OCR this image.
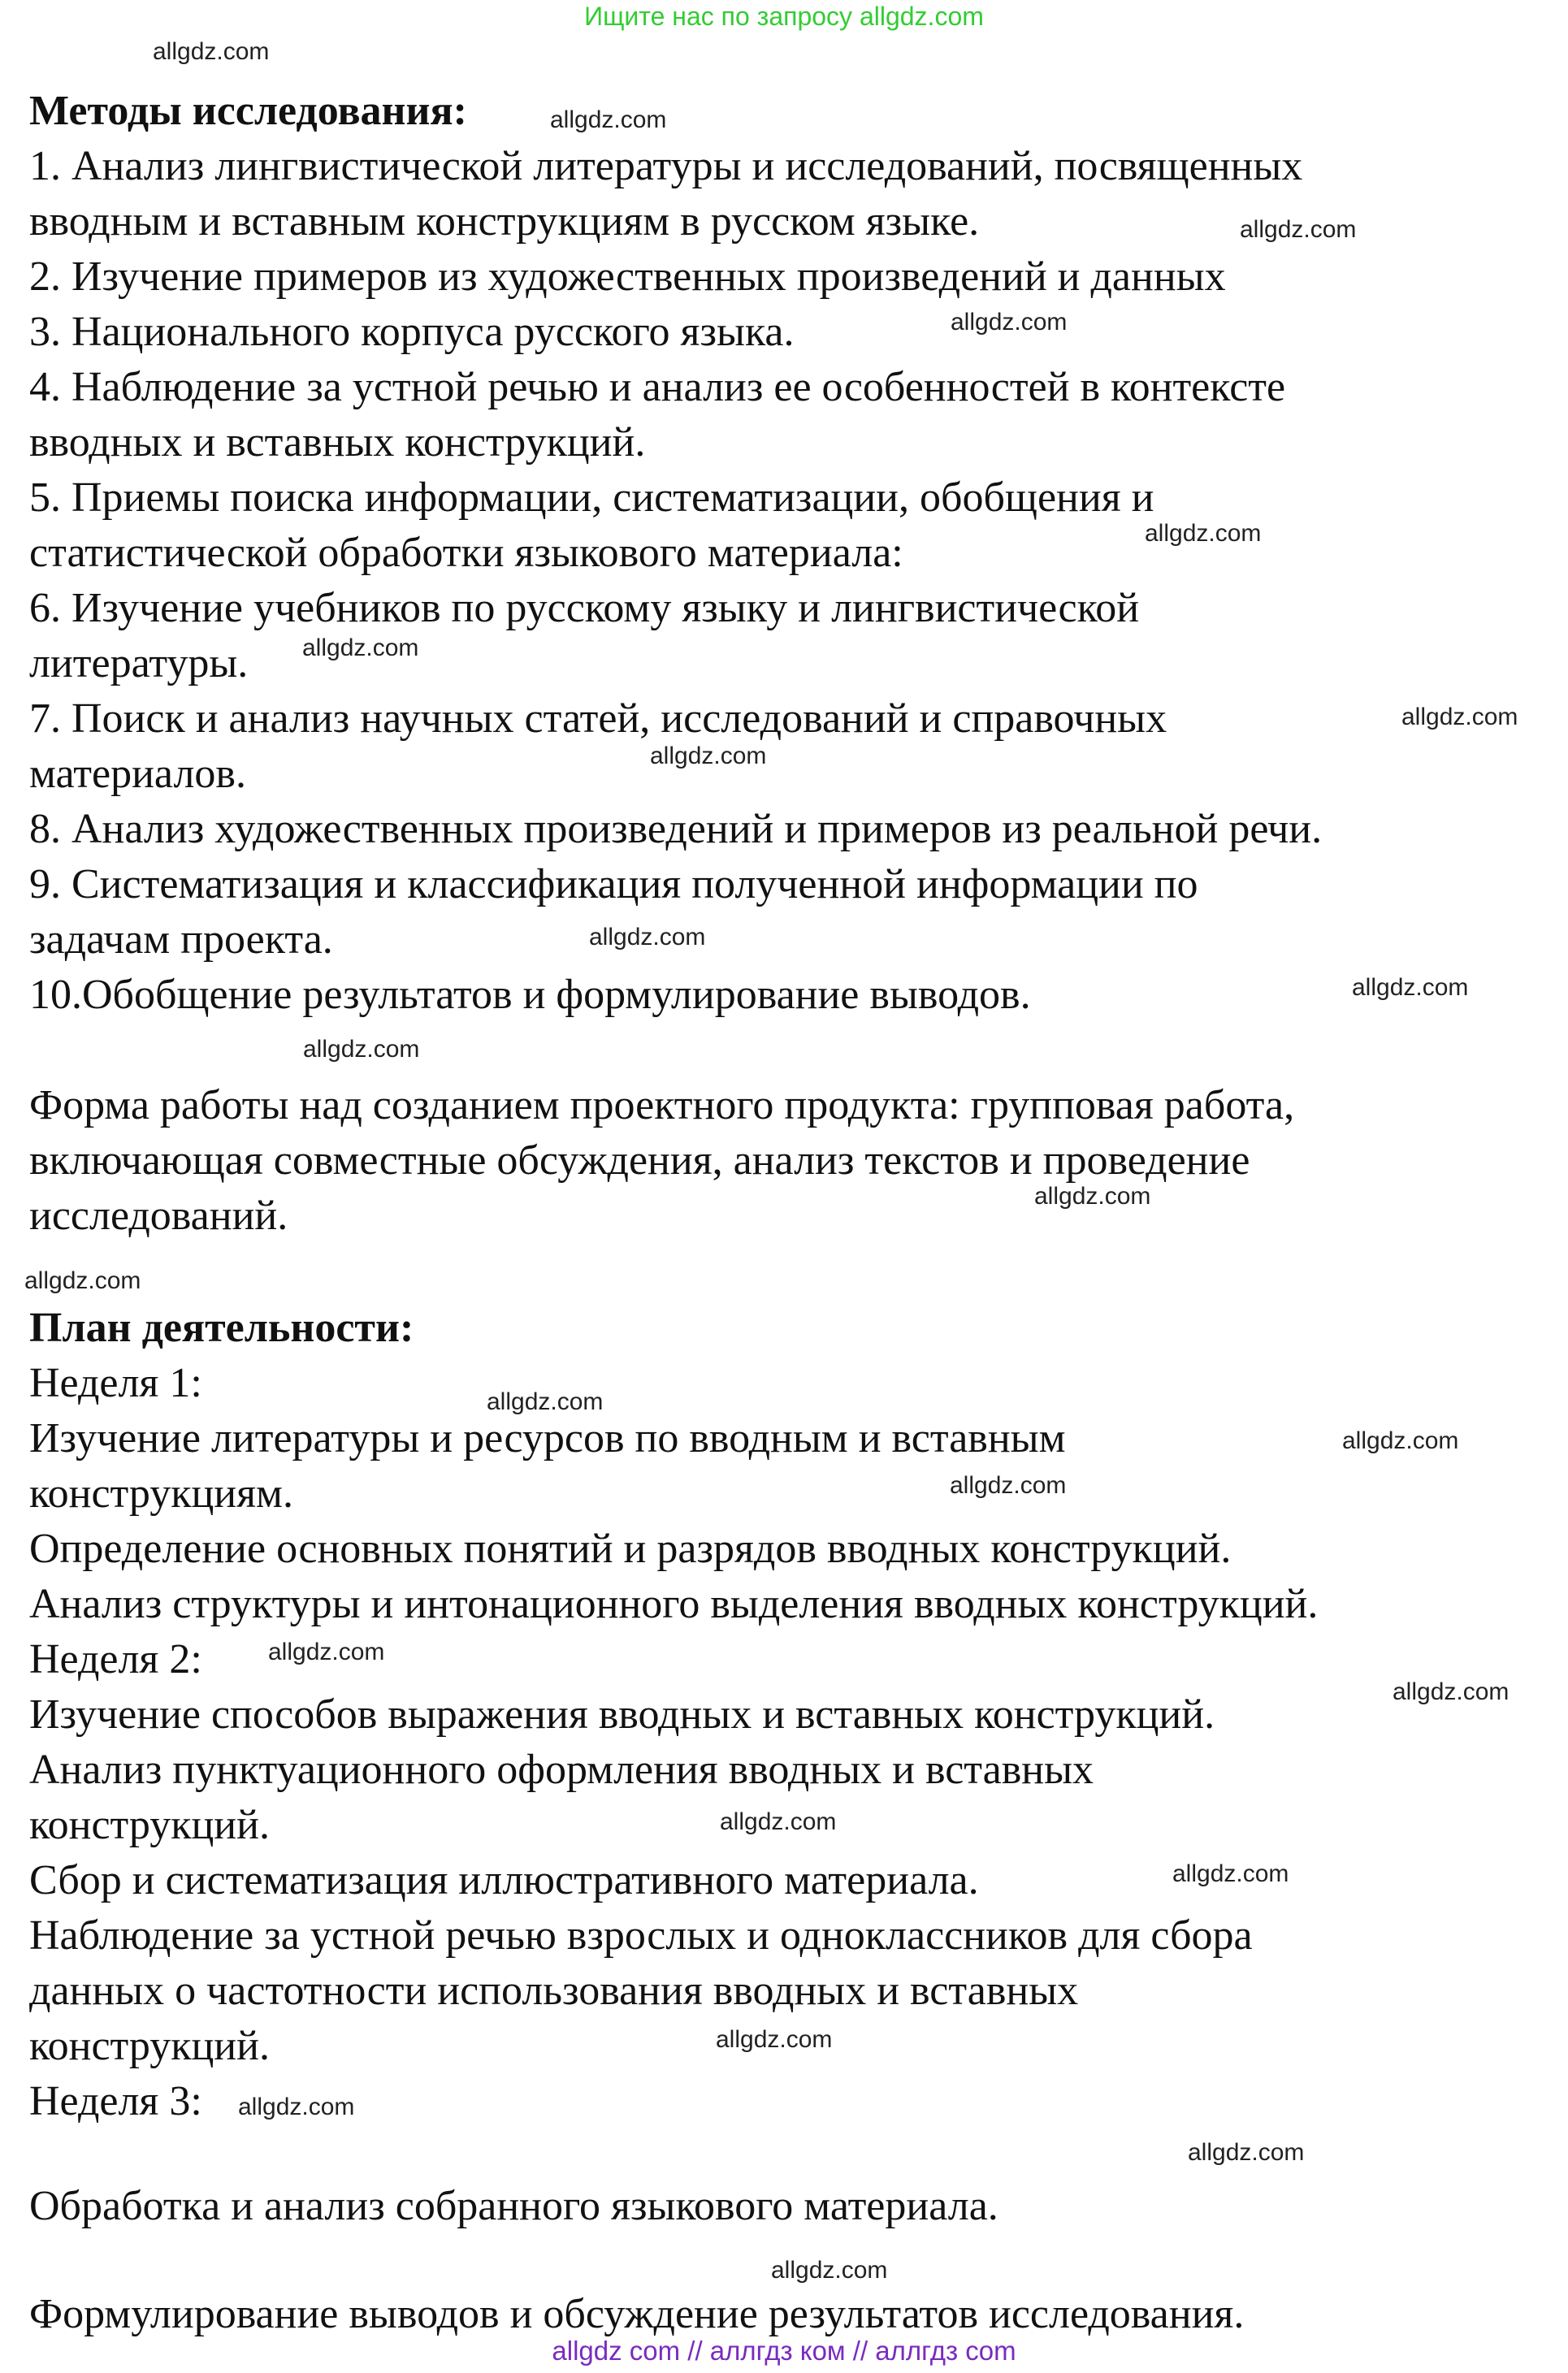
Ищите нас по запросу allgdz.com
Методы исследования:
1. Анализ лингвистической литературы и исследований, посвященных
вводным и вставным конструкциям в русском языке.
2. Изучение примеров из художественных произведений и данных
3. Национального корпуса русского языка.
4. Наблюдение за устной речью и анализ ее особенностей в контексте
вводных и вставных конструкций.
5. Приемы поиска информации, систематизации, обобщения и
статистической обработки языкового материала:
6. Изучение учебников по русскому языку и лингвистической
литературы.
7. Поиск и анализ научных статей, исследований и справочных
материалов.
8. Анализ художественных произведений и примеров из реальной речи.
9. Систематизация и классификация полученной информации по
задачам проекта.
10.Обобщение результатов и формулирование выводов.
Форма работы над созданием проектного продукта: групповая работа,
включающая совместные обсуждения, анализ текстов и проведение
исследований.
План деятельности:
Неделя 1:
Изучение литературы и ресурсов по вводным и вставным
конструкциям.
Определение основных понятий и разрядов вводных конструкций.
Анализ структуры и интонационного выделения вводных конструкций.
Неделя 2:
Изучение способов выражения вводных и вставных конструкций.
Анализ пунктуационного оформления вводных и вставных
конструкций.
Сбор и систематизация иллюстративного материала.
Наблюдение за устной речью взрослых и одноклассников для сбора
данных о частотности использования вводных и вставных
конструкций.
Неделя 3:
Обработка и анализ собранного языкового материала.
Формулирование выводов и обсуждение результатов исследования.
allgdz.com
allgdz.com
allgdz.com
allgdz.com
allgdz.com
allgdz.com
allgdz.com
allgdz.com
allgdz.com
allgdz.com
allgdz.com
allgdz.com
allgdz.com
allgdz.com
allgdz.com
allgdz.com
allgdz.com
allgdz.com
allgdz.com
allgdz.com
allgdz.com
allgdz.com
allgdz.com
allgdz.com
allgdz com // аллгдз ком // аллгдз com
